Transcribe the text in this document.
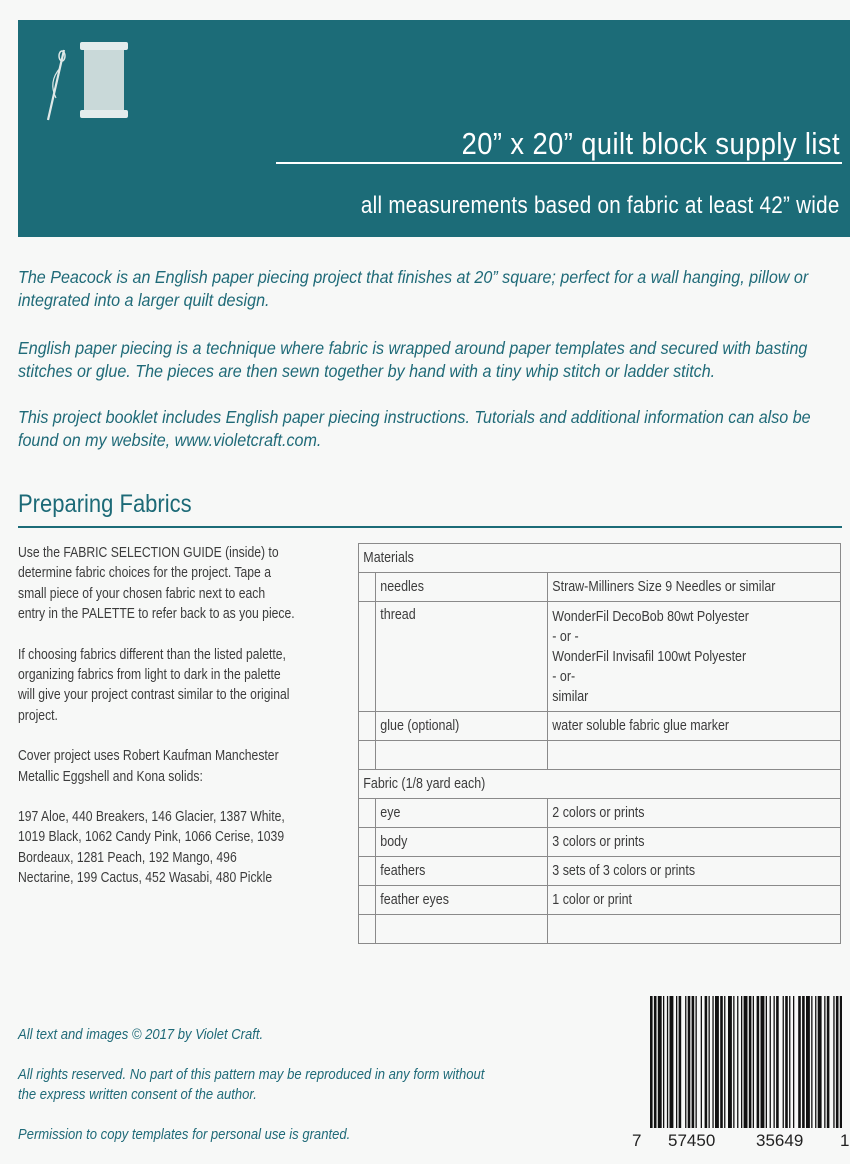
20” x 20” quilt block supply list
all measurements based on fabric at least 42” wide
The Peacock is an English paper piecing project that finishes at 20” square; perfect for a wall hanging, pillow or integrated into a larger quilt design.
English paper piecing is a technique where fabric is wrapped around paper templates and secured with basting stitches or glue. The pieces are then sewn together by hand with a tiny whip stitch or ladder stitch.
This project booklet includes English paper piecing instructions. Tutorials and additional information can also be found on my website, www.violetcraft.com.
Preparing Fabrics

Use the FABRIC SELECTION GUIDE (inside) to determine fabric choices for the project. Tape a small piece of your chosen fabric next to each entry in the PALETTE to refer back to as you piece.

If choosing fabrics different than the listed palette, organizing fabrics from light to dark in the palette will give your project contrast similar to the original project.

Cover project uses Robert Kaufman Manchester Metallic Eggshell and Kona solids:

197 Aloe, 440 Breakers, 146 Glacier, 1387 White, 1019 Black, 1062 Candy Pink, 1066 Cerise, 1039 Bordeaux, 1281 Peach, 192 Mango, 496 Nectarine, 199 Cactus, 452 Wasabi, 480 Pickle

Materials		

	needles	Straw-Milliners Size 9 Needles or similar

	thread	WonderFil DecoBob 80wt Polyester
- or -
WonderFil Invisafil 100wt Polyester
- or-
similar

	glue (optional)	water soluble fabric glue marker

Fabric (1/8 yard each)		

	eye	2 colors or prints

	body	3 colors or prints

	feathers	3 sets of 3 colors or prints

	feather eyes	1 color or print

All text and images © 2017 by Violet Craft.
All rights reserved. No part of this pattern may be reproduced in any form without
the express written consent of the author.
Permission to copy templates for personal use is granted.	7 57450 35649 1
